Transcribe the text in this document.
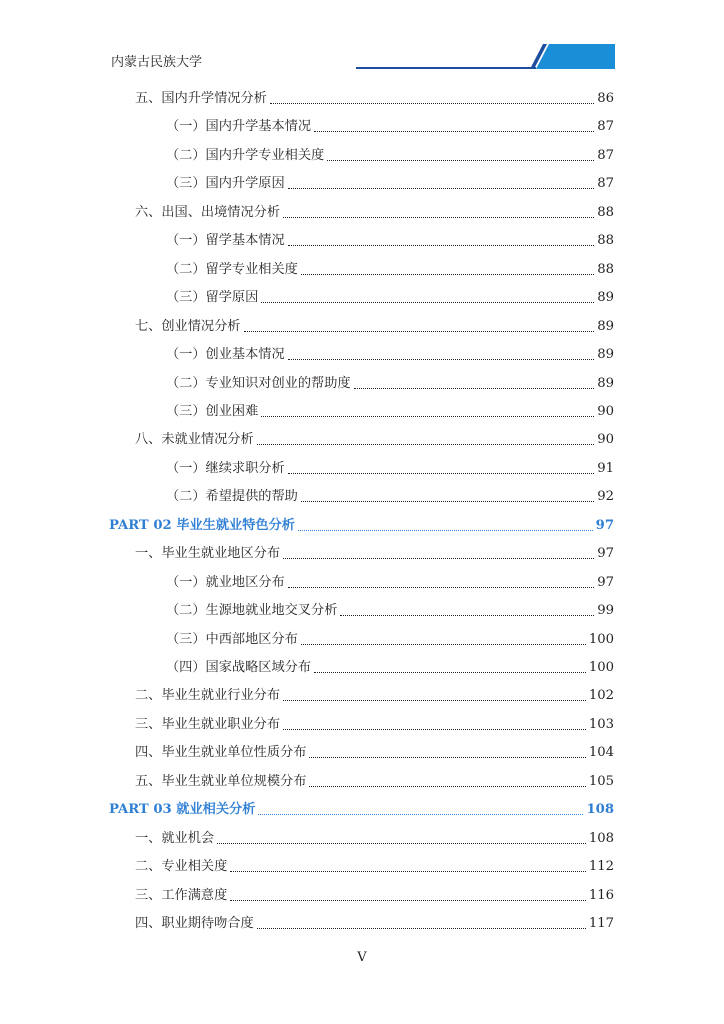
内蒙古民族大学
五、国内升学情况分析	86
（一）国内升学基本情况	87
（二）国内升学专业相关度	87
（三）国内升学原因	87
六、出国、出境情况分析	88
（一）留学基本情况	88
（二）留学专业相关度	88
（三）留学原因	89
七、创业情况分析	89
（一）创业基本情况	89
（二）专业知识对创业的帮助度	89
（三）创业困难	90
八、未就业情况分析	90
（一）继续求职分析	91
（二）希望提供的帮助	92
PART 02 毕业生就业特色分析	97
一、毕业生就业地区分布	97
（一）就业地区分布	97
（二）生源地就业地交叉分析	99
（三）中西部地区分布	100
（四）国家战略区域分布	100
二、毕业生就业行业分布	102
三、毕业生就业职业分布	103
四、毕业生就业单位性质分布	104
五、毕业生就业单位规模分布	105
PART 03 就业相关分析	108
一、就业机会	108
二、专业相关度	112
三、工作满意度	116
四、职业期待吻合度	117
V
